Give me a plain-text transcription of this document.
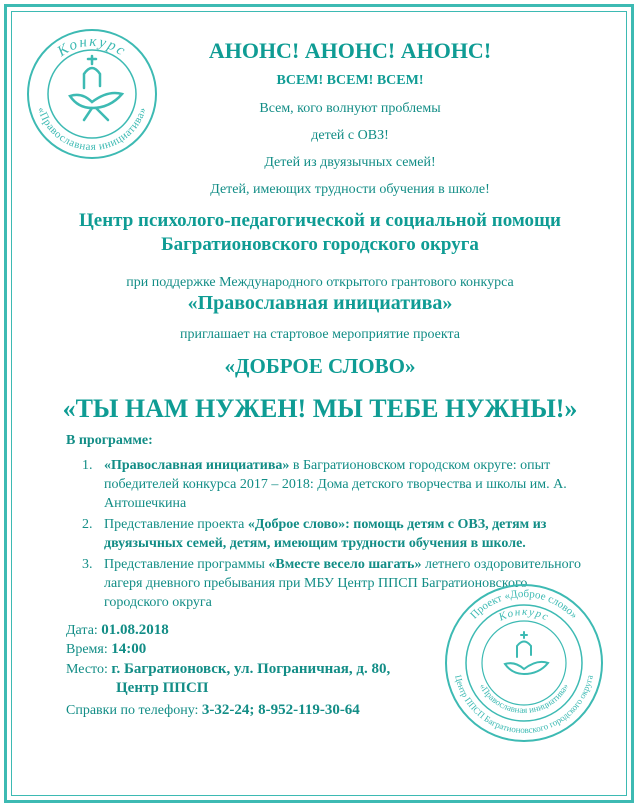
Конкурс
«Православная инициатива»
АНОНС! АНОНС! АНОНС!
ВСЕМ! ВСЕМ! ВСЕМ!
Всем, кого волнуют проблемы
детей с ОВЗ!
Детей из двуязычных семей!
Детей, имеющих трудности обучения в школе!
Центр психолого-педагогической и социальной помощи
Багратионовского городского округа
при поддержке Международного открытого грантового конкурса
«Православная инициатива»
приглашает на стартовое мероприятие проекта
«ДОБРОЕ СЛОВО»
«ТЫ НАМ НУЖЕН! МЫ ТЕБЕ НУЖНЫ!»
В программе:
1. «Православная инициатива» в Багратионовском городском округе: опыт победителей конкурса 2017 – 2018: Дома детского творчества и школы им. А. Антошечкина
2. Представление проекта «Доброе слово»: помощь детям с ОВЗ, детям из двуязычных семей, детям, имеющим трудности обучения в школе.
3. Представление программы «Вместе весело шагать» летнего оздоровительного лагеря дневного пребывания при МБУ Центр ППСП Багратионовского городского округа
Дата: 01.08.2018
Время: 14:00
Место: г. Багратионовск, ул. Пограничная, д. 80,
Центр ППСП
Справки по телефону: 3-32-24; 8-952-119-30-64
Проект «Доброе слово»
Конкурс
«Православная инициатива»
Центр ППСП Багратионовского городского округа
